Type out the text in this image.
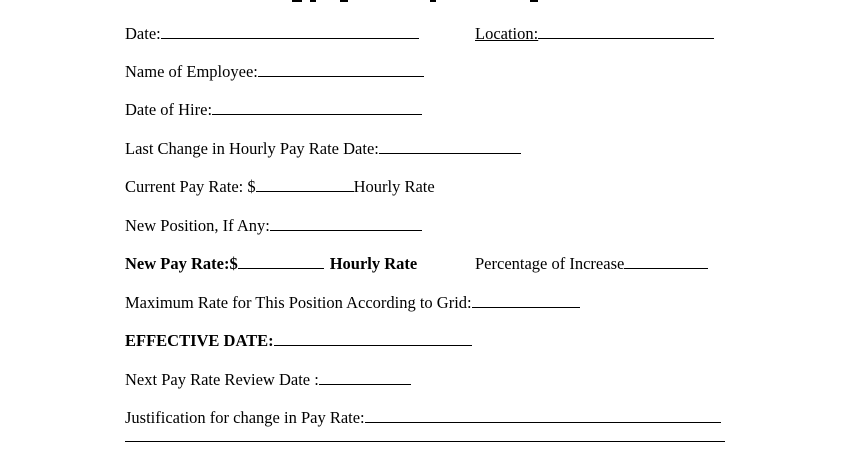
Date:	Location:
Name of Employee:
Date of Hire:
Last Change in Hourly Pay Rate Date:
Current Pay Rate: $	Hourly Rate
New Position, If Any:
New Pay Rate:$	Hourly Rate	Percentage of Increase
Maximum Rate for This Position According to Grid:
EFFECTIVE DATE:
Next Pay Rate Review Date :
Justification for change in Pay Rate:
